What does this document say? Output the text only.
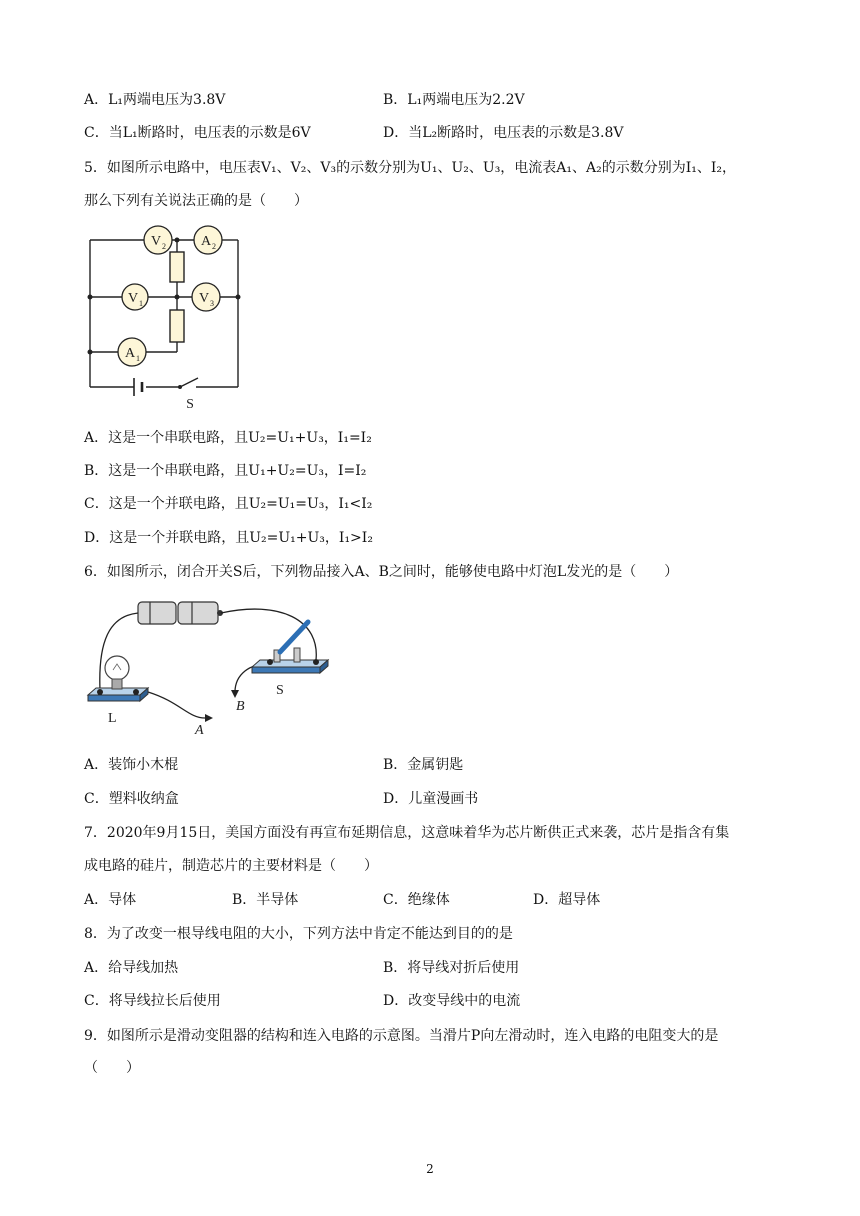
A．L₁两端电压为3.8V	B．L₁两端电压为2.2V
C．当L₁断路时，电压表的示数是6V	D．当L₂断路时，电压表的示数是3.8V
5．如图所示电路中，电压表V₁、V₂、V₃的示数分别为U₁、U₂、U₃，电流表A₁、A₂的示数分别为I₁、I₂，
那么下列有关说法正确的是（　　）
V 2 A 2
V 1	V 3
A 1
S
A．这是一个串联电路，且U₂=U₁+U₃，I₁=I₂
B．这是一个串联电路，且U₁+U₂=U₃，I=I₂
C．这是一个并联电路，且U₂=U₁=U₃，I₁<I₂
D．这是一个并联电路，且U₂=U₁+U₃，I₁>I₂
6．如图所示，闭合开关S后，下列物品接入A、B之间时，能够使电路中灯泡L发光的是（　　）
L
A
B
S
A．装饰小木棍	B．金属钥匙
C．塑料收纳盒	D．儿童漫画书
7．2020年9月15日，美国方面没有再宣布延期信息，这意味着华为芯片断供正式来袭，芯片是指含有集
成电路的硅片，制造芯片的主要材料是（　　）
A．导体	B．半导体	C．绝缘体	D．超导体
8．为了改变一根导线电阻的大小，下列方法中肯定不能达到目的的是
A．给导线加热	B．将导线对折后使用
C．将导线拉长后使用	D．改变导线中的电流
9．如图所示是滑动变阻器的结构和连入电路的示意图。当滑片P向左滑动时，连入电路的电阻变大的是
（　　）
2
